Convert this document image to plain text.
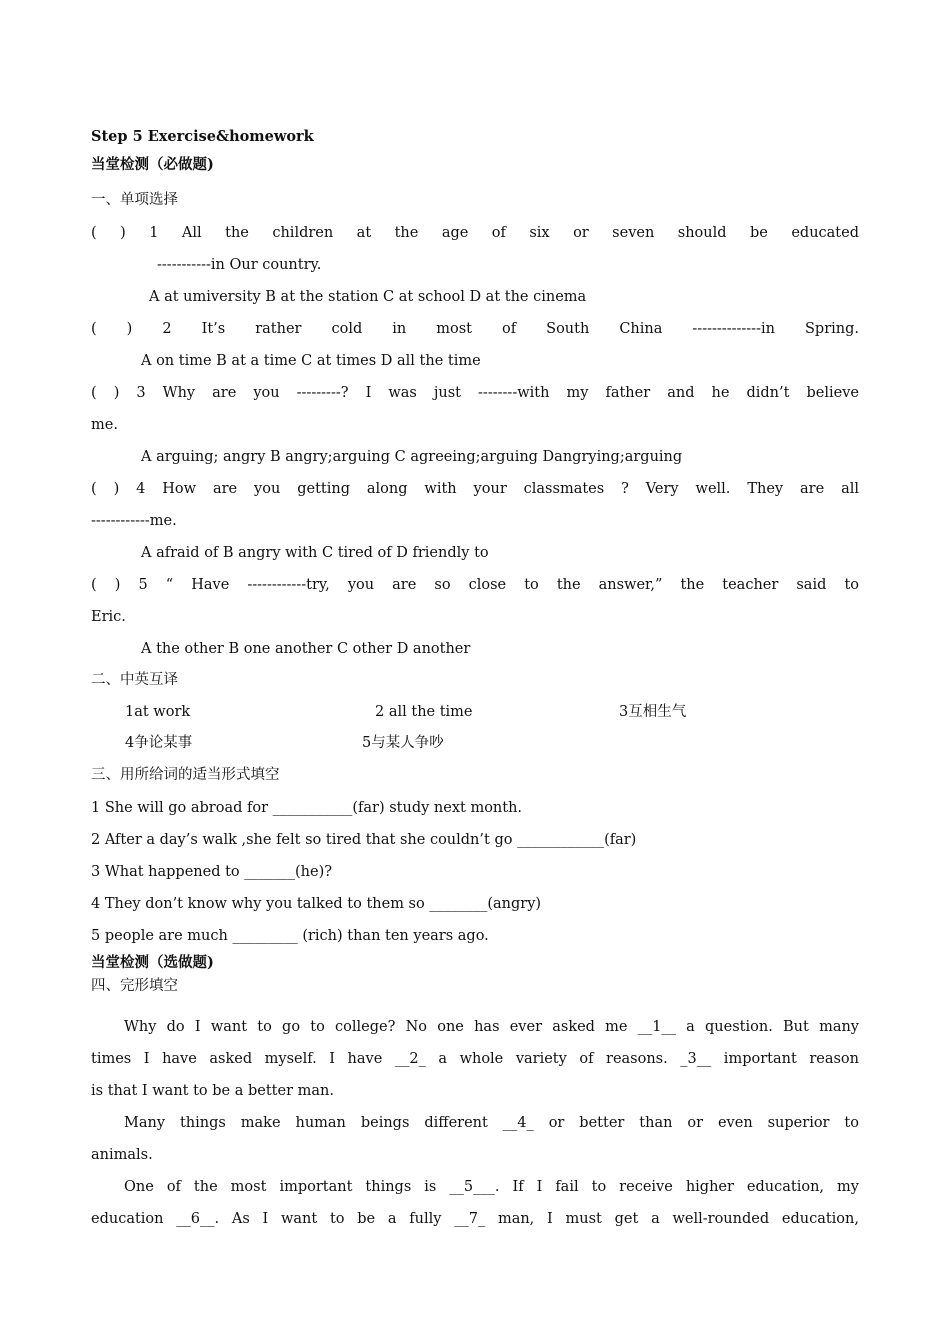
Step 5 Exercise&homework
当堂检测（必做题)
一、单项选择
( ) 1 All the children at the age of six or seven should be educated
-----------in Our country.
A at umiversity B at the station C at school D at the cinema
( ) 2 It’s rather cold in most of South China --------------in Spring.
A on time B at a time C at times D all the time
( ) 3 Why are you ---------? I was just --------with my father and he didn’t believe
me.
A arguing; angry B angry;arguing C agreeing;arguing Dangrying;arguing
( ) 4 How are you getting along with your classmates ? Very well. They are all
------------me.
A afraid of B angry with C tired of D friendly to
( ) 5 “ Have ------------try, you are so close to the answer,” the teacher said to
Eric.
A the other B one another C other D another
二、中英互译
1at work	2 all the time	3互相生气
4争论某事	5与某人争吵
三、用所给词的适当形式填空
1 She will go abroad for ___________(far) study next month.
2 After a day’s walk ,she felt so tired that she couldn’t go ____________(far)
3 What happened to _______(he)?
4 They don’t know why you talked to them so ________(angry)
5 people are much _________ (rich) than ten years ago.
当堂检测（选做题)
四、完形填空
Why do I want to go to college? No one has ever asked me __1__ a question. But many
times I have asked myself. I have __2_ a whole variety of reasons. _3__ important reason
is that I want to be a better man.
Many things make human beings different __4_ or better than or even superior to
animals.
One of the most important things is __5___. If I fail to receive higher education, my
education __6__. As I want to be a fully __7_ man, I must get a well-rounded education,
